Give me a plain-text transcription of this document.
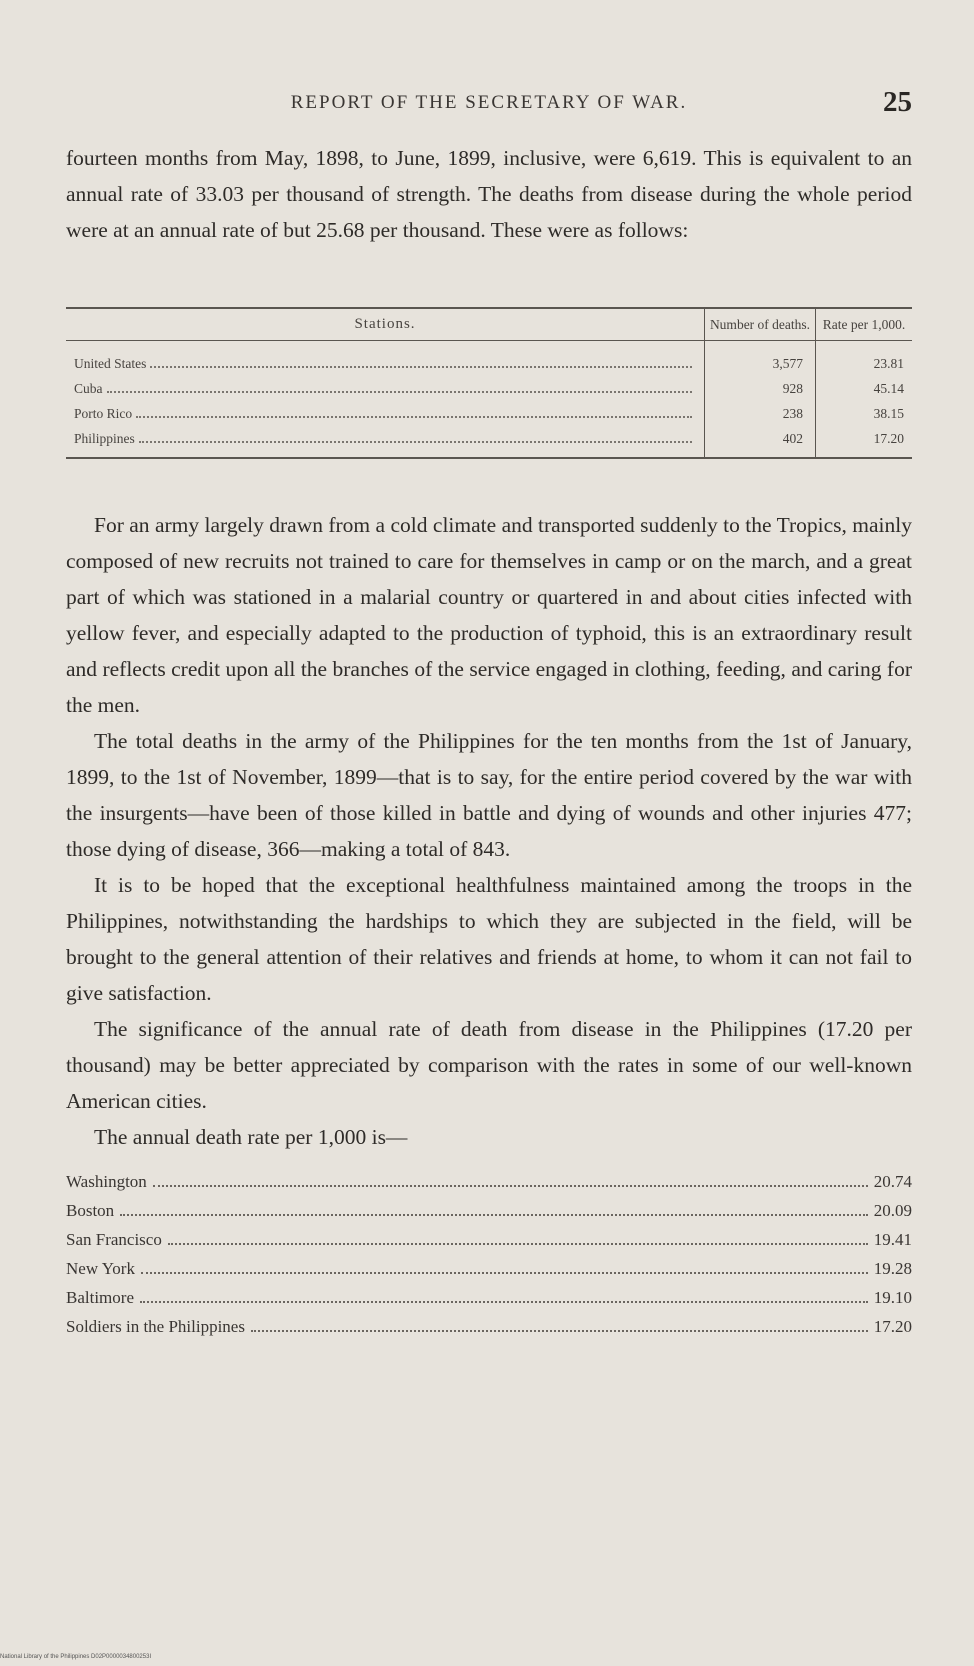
REPORT OF THE SECRETARY OF WAR.	25

fourteen months from May, 1898, to June, 1899, inclusive, were 6,619. This is equivalent to an annual rate of 33.03 per thousand of strength. The deaths from disease during the whole period were at an annual rate of but 25.68 per thousand. These were as follows:

Stations.	Number of deaths.	Rate per 1,000.

United States	3,577	23.81

Cuba	928	45.14

Porto Rico	238	38.15

Philippines	402	17.20

For an army largely drawn from a cold climate and transported suddenly to the Tropics, mainly composed of new recruits not trained to care for themselves in camp or on the march, and a great part of which was stationed in a malarial country or quartered in and about cities infected with yellow fever, and especially adapted to the production of typhoid, this is an extraordinary result and reflects credit upon all the branches of the service engaged in clothing, feeding, and caring for the men.

The total deaths in the army of the Philippines for the ten months from the 1st of January, 1899, to the 1st of November, 1899—that is to say, for the entire period covered by the war with the insurgents—have been of those killed in battle and dying of wounds and other injuries 477; those dying of disease, 366—making a total of 843.

It is to be hoped that the exceptional healthfulness maintained among the troops in the Philippines, notwithstanding the hardships to which they are subjected in the field, will be brought to the general attention of their relatives and friends at home, to whom it can not fail to give satisfaction.

The significance of the annual rate of death from disease in the Philippines (17.20 per thousand) may be better appreciated by comparison with the rates in some of our well-known American cities.

The annual death rate per 1,000 is—

Washington	20.74
Boston	20.09
San Francisco	19.41
New York	19.28
Baltimore	19.10
Soldiers in the Philippines	17.20
National Library of the Philippines D02P0000034800253I
